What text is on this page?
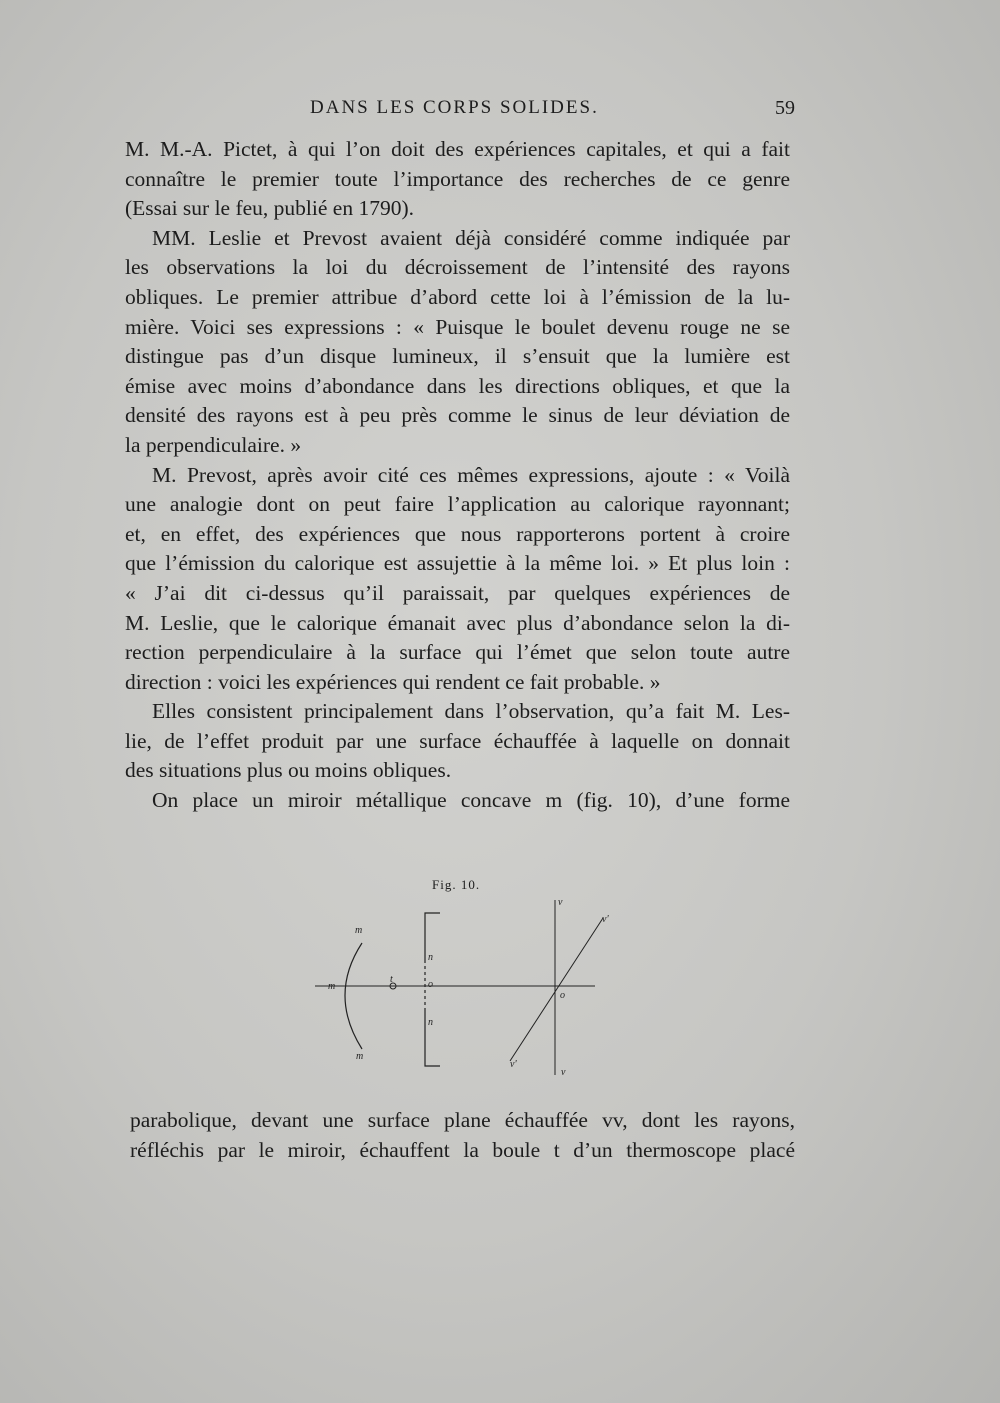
DANS LES CORPS SOLIDES.	59
M. M.-A. Pictet, à qui l’on doit des expériences capitales, et qui a fait
connaître le premier toute l’importance des recherches de ce genre
(Essai sur le feu, publié en 1790).
MM. Leslie et Prevost avaient déjà considéré comme indiquée par
les observations la loi du décroissement de l’intensité des rayons
obliques. Le premier attribue d’abord cette loi à l’émission de la lu-
mière. Voici ses expressions : « Puisque le boulet devenu rouge ne se
distingue pas d’un disque lumineux, il s’ensuit que la lumière est
émise avec moins d’abondance dans les directions obliques, et que la
densité des rayons est à peu près comme le sinus de leur déviation de
la perpendiculaire. »
M. Prevost, après avoir cité ces mêmes expressions, ajoute : « Voilà
une analogie dont on peut faire l’application au calorique rayonnant;
et, en effet, des expériences que nous rapporterons portent à croire
que l’émission du calorique est assujettie à la même loi. » Et plus loin :
« J’ai dit ci-dessus qu’il paraissait, par quelques expériences de
M. Leslie, que le calorique émanait avec plus d’abondance selon la di-
rection perpendiculaire à la surface qui l’émet que selon toute autre
direction : voici les expériences qui rendent ce fait probable. »
Elles consistent principalement dans l’observation, qu’a fait M. Les-
lie, de l’effet produit par une surface échauffée à laquelle on donnait
des situations plus ou moins obliques.
On place un miroir métallique concave m (fig. 10), d’une forme
Fig. 10.
m
m
m
t
n
o
n
v
v'
o
v'
v
parabolique, devant une surface plane échauffée vv, dont les rayons,
réfléchis par le miroir, échauffent la boule t d’un thermoscope placé
